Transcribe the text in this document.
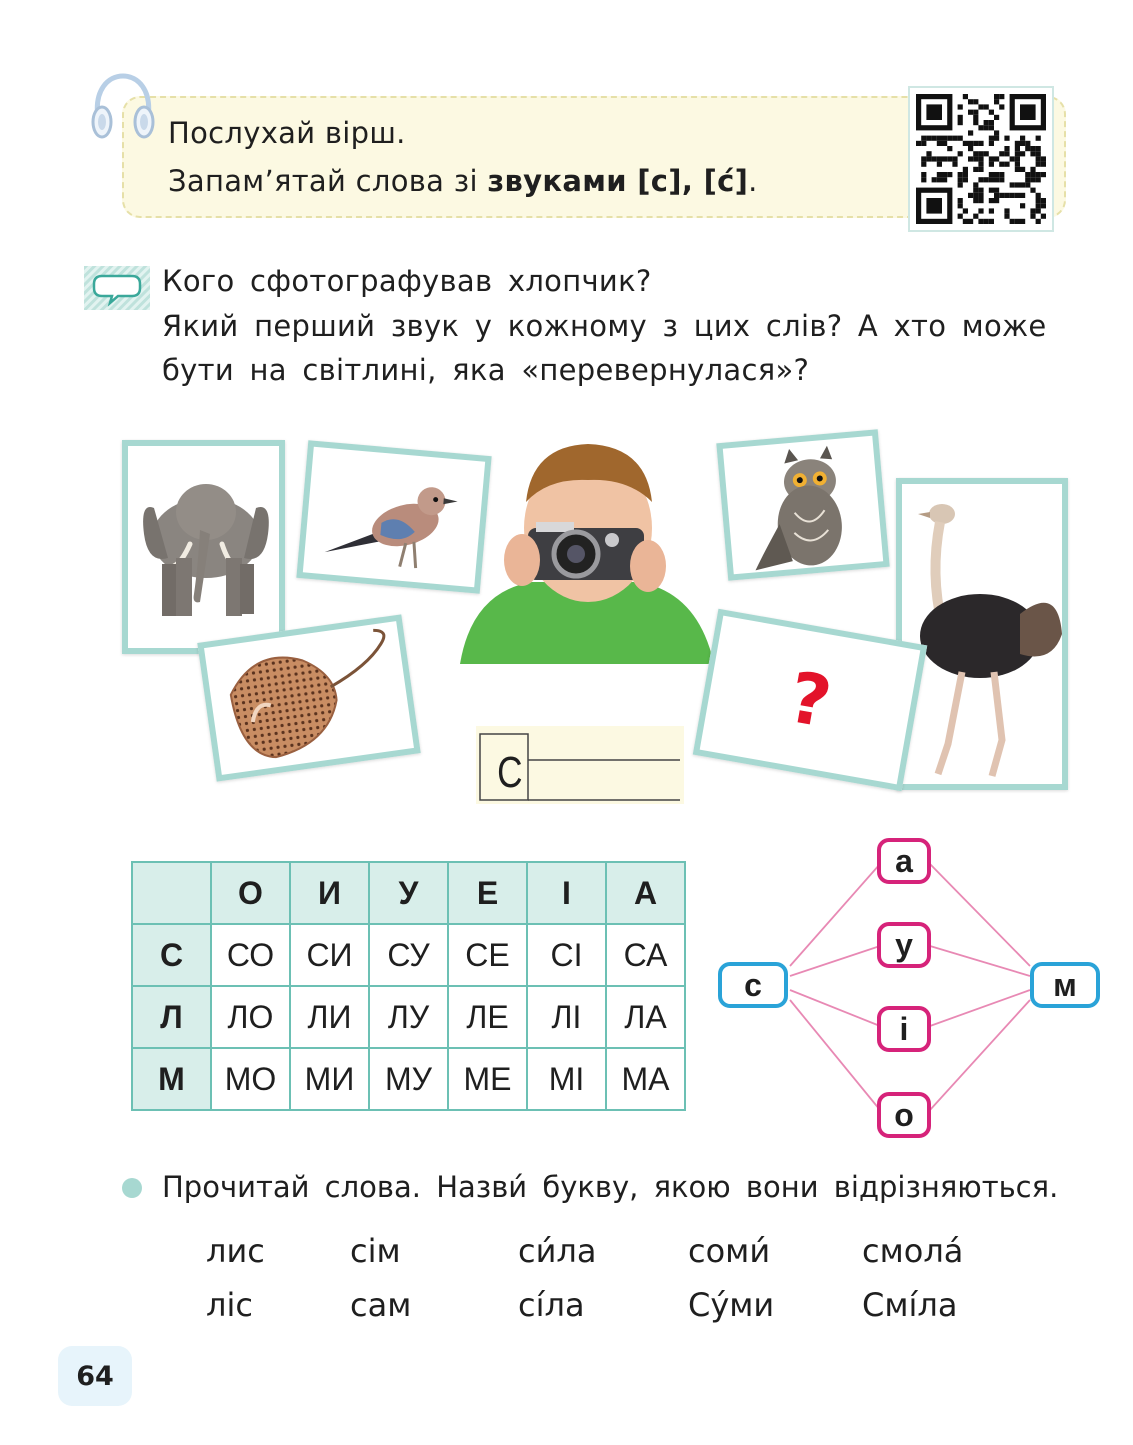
Послухай вірш.
Запам’ятай слова зі звуками [с], [с́].
Кого сфотографував хлопчик?
Який перший звук у кожному з цих слів? А хто може
бути на світлині, яка «перевернулася»?
?
С
	О	И	У	Е	І	А
С	СО	СИ	СУ	СЕ	СІ	СА
Л	ЛО	ЛИ	ЛУ	ЛЕ	ЛІ	ЛА
М	МО	МИ	МУ	МЕ	МІ	МА
а
у
і
о
с	м
Прочитай слова. Назви́ букву, якою вони відрізняються.
лис	сім	си́ла	соми́	смола́
ліс	сам	сі́ла	Су́ми	Смі́ла
64
